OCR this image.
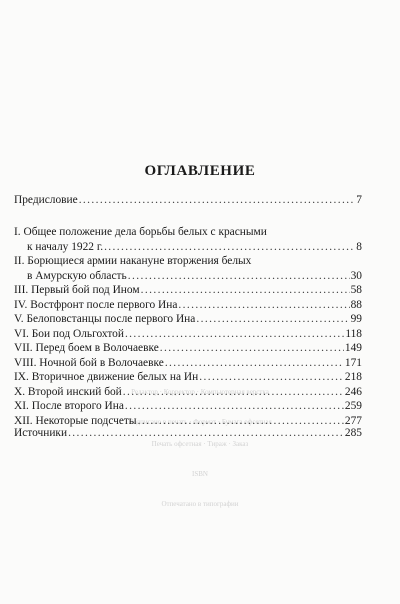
Редактор · Корректор · Компьютерная верстка
Подписано в печать · Формат · Бумага офсетная
Печать офсетная · Тираж · Заказ
ISBN
Отпечатано в типографии
ОГЛАВЛЕНИЕ
Предисловие .....	7
I. Общее положение дела борьбы белых с красными
к началу 1922 г. .....	8
II. Борющиеся армии накануне вторжения белых
в Амурскую область .....	30
III. Первый бой под Ином .....	58
IV. Востфронт после первого Ина .....	88
V. Белоповстанцы после первого Ина .....	99
VI. Бои под Ольгохтой .....	118
VII. Перед боем в Волочаевке .....	149
VIII. Ночной бой в Волочаевке .....	171
IX. Вторичное движение белых на Ин .....	218
X. Второй инский бой .....	246
XI. После второго Ина .....	259
XII. Некоторые подсчеты .....	277
Источники .....	285
